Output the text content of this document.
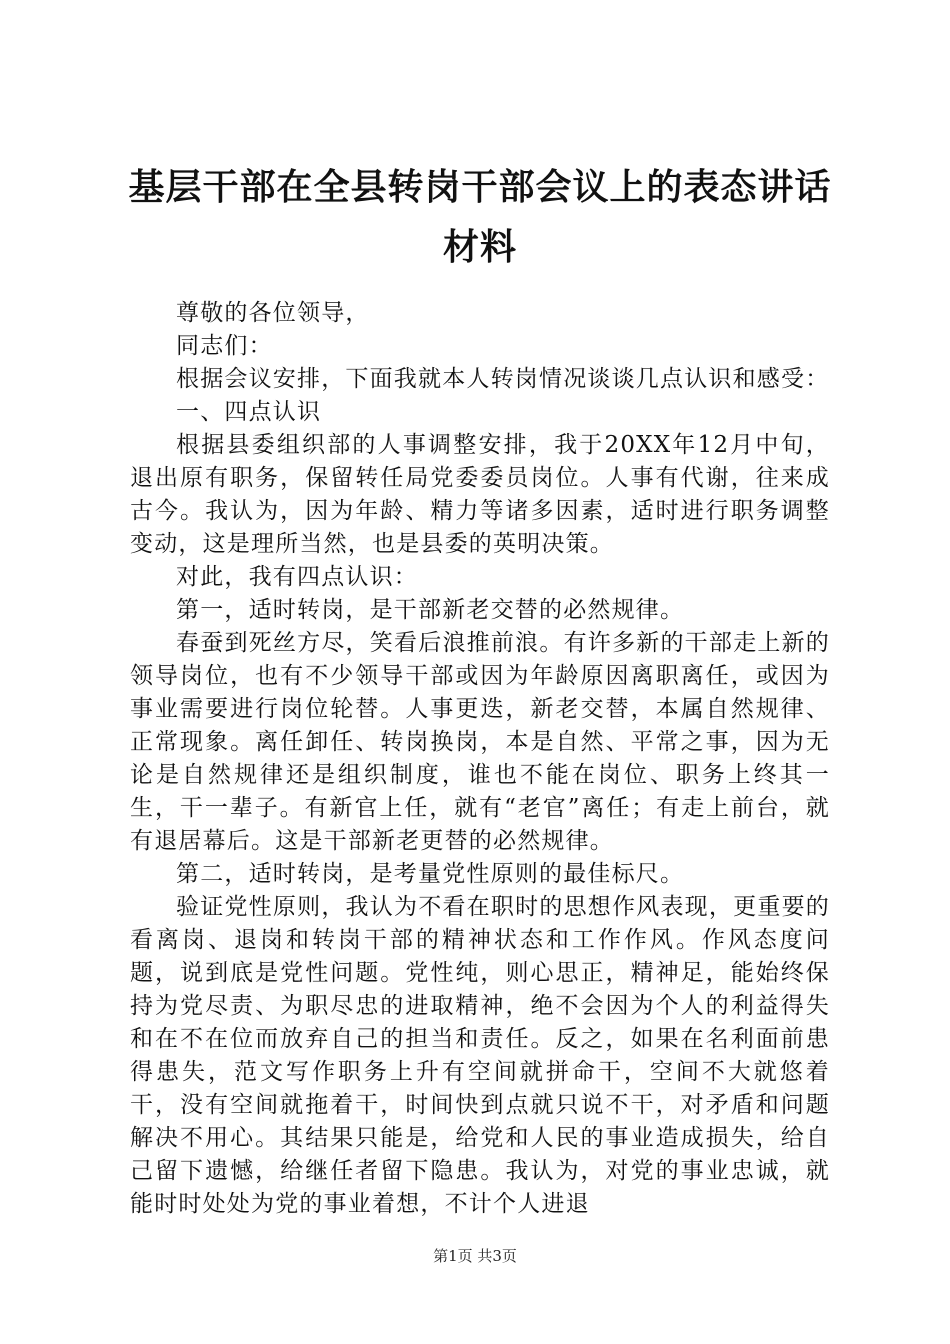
基层干部在全县转岗干部会议上的表态讲话材料

尊敬的各位领导，

同志们：

根据会议安排，下面我就本人转岗情况谈谈几点认识和感受：

一、四点认识

根据县委组织部的人事调整安排，我于20XX年12月中旬，退出原有职务，保留转任局党委委员岗位。人事有代谢，往来成古今。我认为，因为年龄、精力等诸多因素，适时进行职务调整变动，这是理所当然，也是县委的英明决策。

对此，我有四点认识：

第一，适时转岗，是干部新老交替的必然规律。

春蚕到死丝方尽，笑看后浪推前浪。有许多新的干部走上新的领导岗位，也有不少领导干部或因为年龄原因离职离任，或因为事业需要进行岗位轮替。人事更迭，新老交替，本属自然规律、正常现象。离任卸任、转岗换岗，本是自然、平常之事，因为无论是自然规律还是组织制度，谁也不能在岗位、职务上终其一生，干一辈子。有新官上任，就有“老官”离任；有走上前台，就有退居幕后。这是干部新老更替的必然规律。

第二，适时转岗，是考量党性原则的最佳标尺。

验证党性原则，我认为不看在职时的思想作风表现，更重要的看离岗、退岗和转岗干部的精神状态和工作作风。作风态度问题，说到底是党性问题。党性纯，则心思正，精神足，能始终保持为党尽责、为职尽忠的进取精神，绝不会因为个人的利益得失和在不在位而放弃自己的担当和责任。反之，如果在名利面前患得患失，范文写作职务上升有空间就拼命干，空间不大就悠着干，没有空间就拖着干，时间快到点就只说不干，对矛盾和问题解决不用心。其结果只能是，给党和人民的事业造成损失，给自己留下遗憾，给继任者留下隐患。我认为，对党的事业忠诚，就能时时处处为党的事业着想，不计个人进退

第1页 共3页
